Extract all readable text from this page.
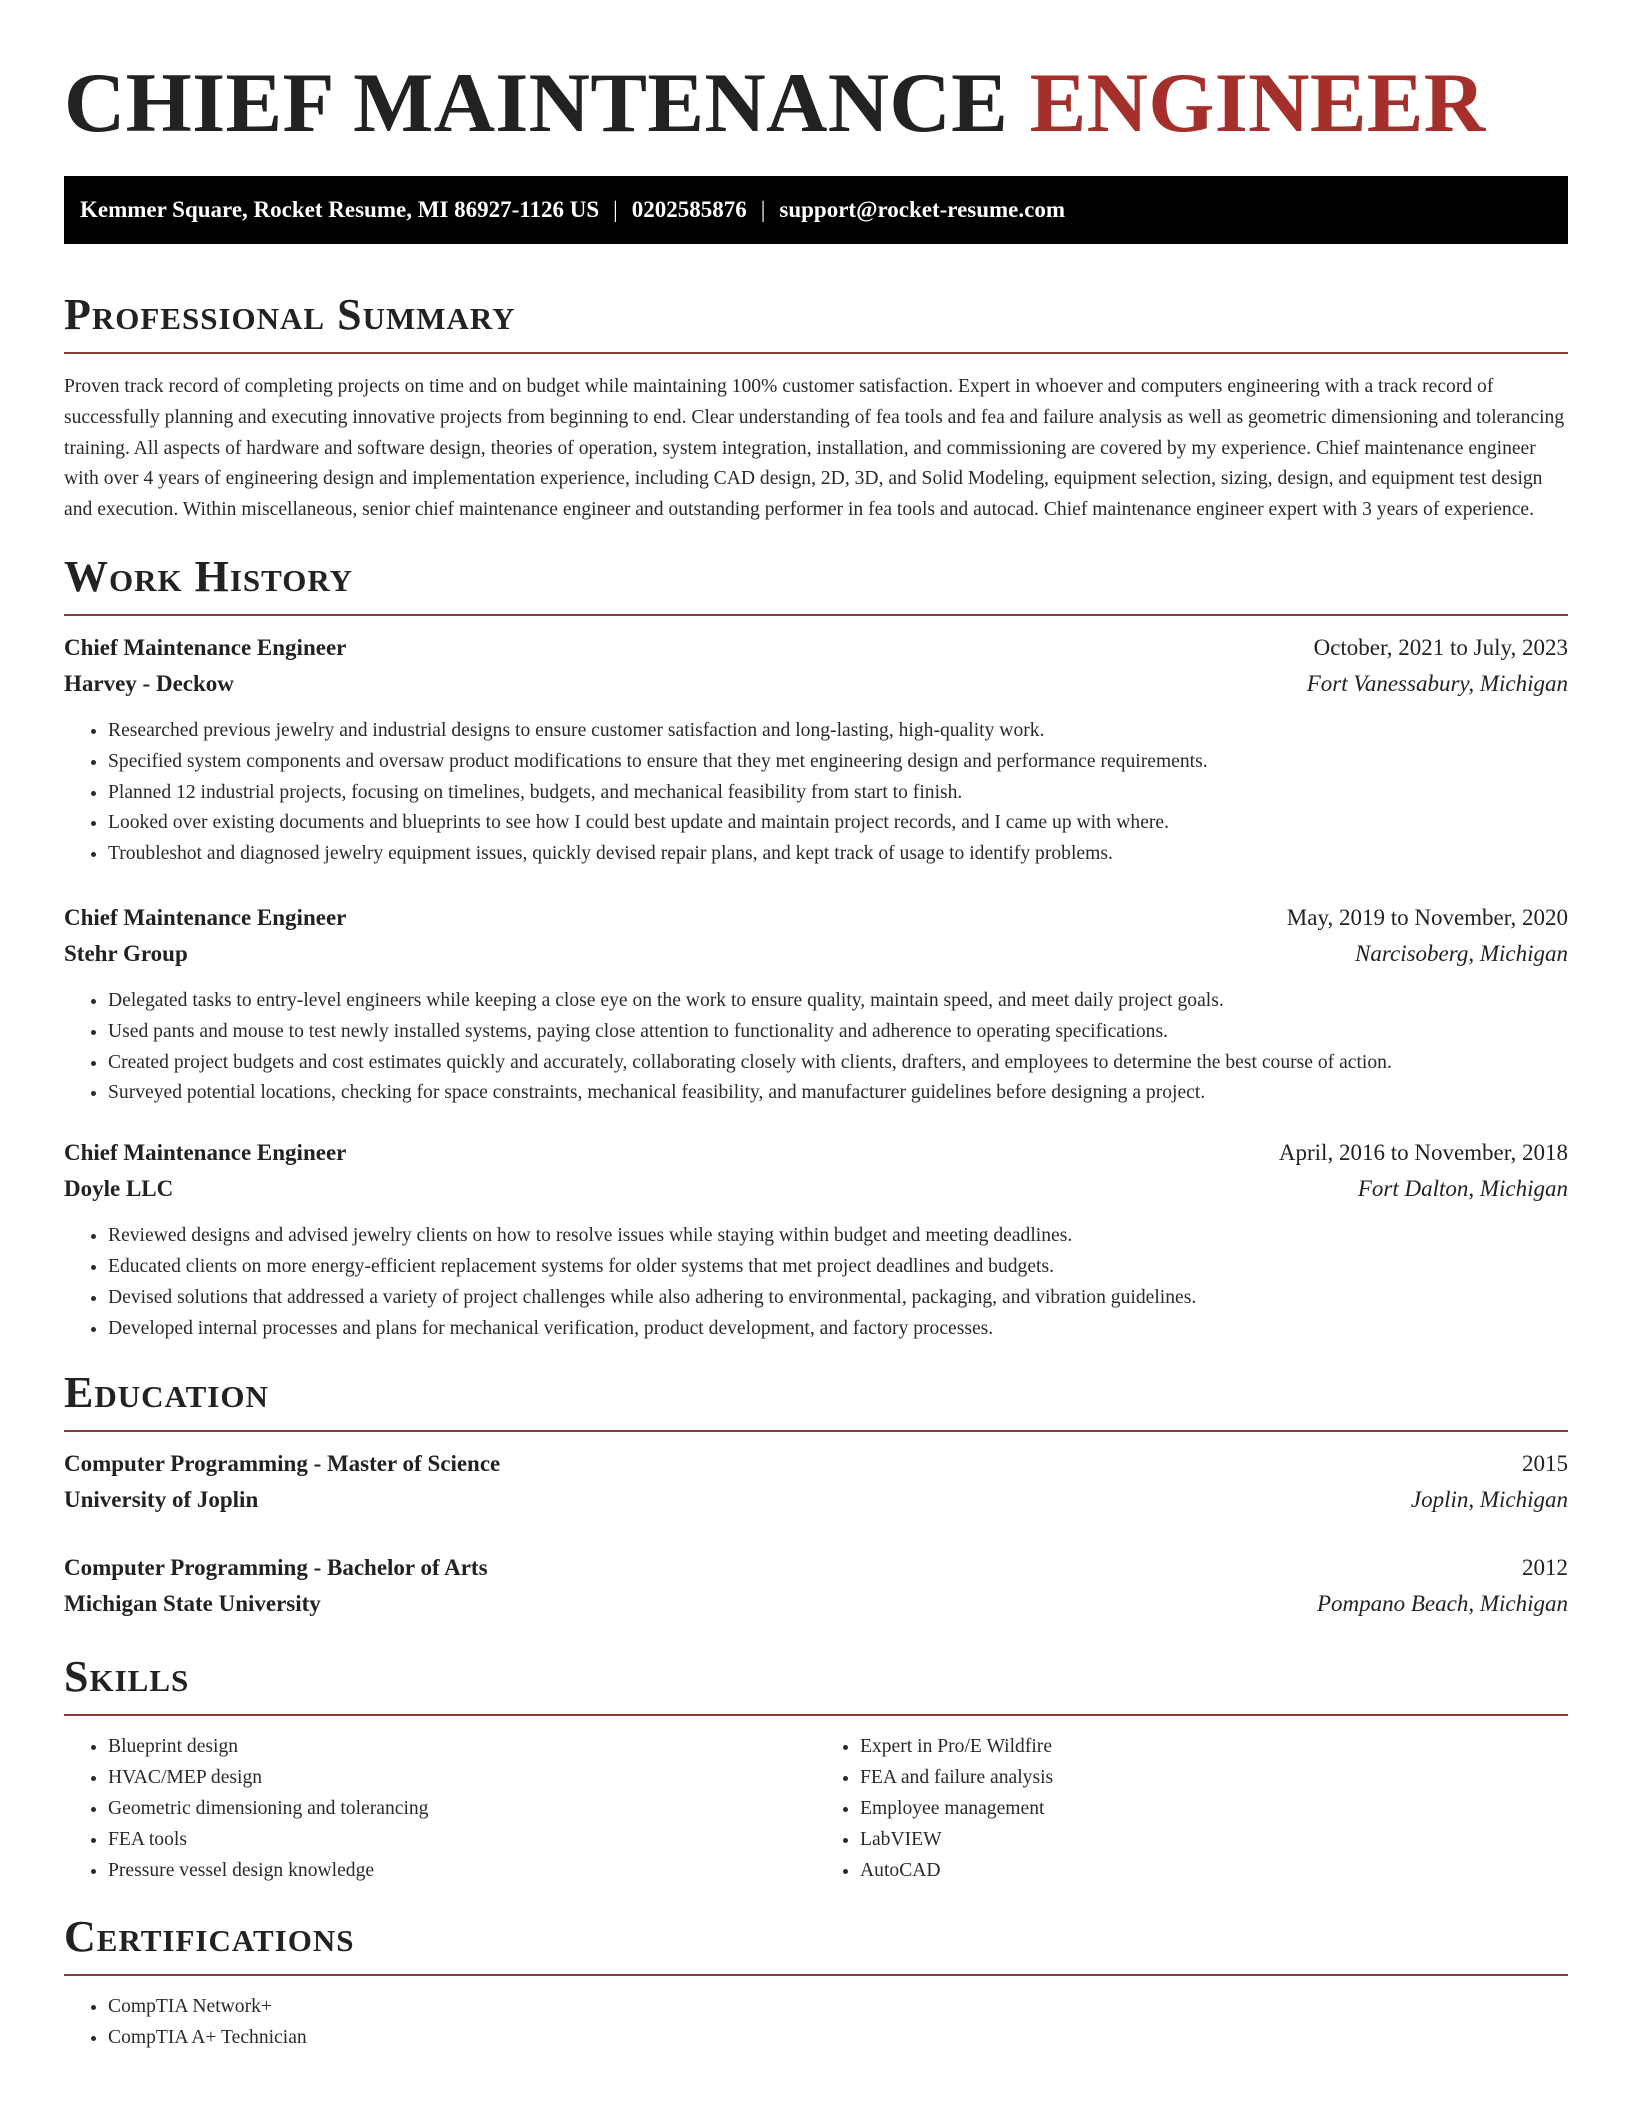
CHIEF MAINTENANCE ENGINEER
Kemmer Square, Rocket Resume, MI 86927-1126 US | 0202585876 | support@rocket-resume.com
Professional Summary

Proven track record of completing projects on time and on budget while maintaining 100% customer satisfaction. Expert in whoever and computers engineering with a track record of successfully planning and executing innovative projects from beginning to end. Clear understanding of fea tools and fea and failure analysis as well as geometric dimensioning and tolerancing training. All aspects of hardware and software design, theories of operation, system integration, installation, and commissioning are covered by my experience. Chief maintenance engineer with over 4 years of engineering design and implementation experience, including CAD design, 2D, 3D, and Solid Modeling, equipment selection, sizing, design, and equipment test design and execution. Within miscellaneous, senior chief maintenance engineer and outstanding performer in fea tools and autocad. Chief maintenance engineer expert with 3 years of experience.

Work History
Chief Maintenance Engineer	October, 2021 to July, 2023
Harvey - Deckow	Fort Vanessabury, Michigan
• Researched previous jewelry and industrial designs to ensure customer satisfaction and long-lasting, high-quality work.
• Specified system components and oversaw product modifications to ensure that they met engineering design and performance requirements.
• Planned 12 industrial projects, focusing on timelines, budgets, and mechanical feasibility from start to finish.
• Looked over existing documents and blueprints to see how I could best update and maintain project records, and I came up with where.
• Troubleshot and diagnosed jewelry equipment issues, quickly devised repair plans, and kept track of usage to identify problems.
Chief Maintenance Engineer	May, 2019 to November, 2020
Stehr Group	Narcisoberg, Michigan
• Delegated tasks to entry-level engineers while keeping a close eye on the work to ensure quality, maintain speed, and meet daily project goals.
• Used pants and mouse to test newly installed systems, paying close attention to functionality and adherence to operating specifications.
• Created project budgets and cost estimates quickly and accurately, collaborating closely with clients, drafters, and employees to determine the best course of action.
• Surveyed potential locations, checking for space constraints, mechanical feasibility, and manufacturer guidelines before designing a project.
Chief Maintenance Engineer	April, 2016 to November, 2018
Doyle LLC	Fort Dalton, Michigan
• Reviewed designs and advised jewelry clients on how to resolve issues while staying within budget and meeting deadlines.
• Educated clients on more energy-efficient replacement systems for older systems that met project deadlines and budgets.
• Devised solutions that addressed a variety of project challenges while also adhering to environmental, packaging, and vibration guidelines.
• Developed internal processes and plans for mechanical verification, product development, and factory processes.
Education
Computer Programming - Master of Science	2015
University of Joplin	Joplin, Michigan
Computer Programming - Bachelor of Arts	2012
Michigan State University	Pompano Beach, Michigan
Skills
• Blueprint design
• HVAC/MEP design
• Geometric dimensioning and tolerancing
• FEA tools
• Pressure vessel design knowledge
• Expert in Pro/E Wildfire
• FEA and failure analysis
• Employee management
• LabVIEW
• AutoCAD
Certifications
• CompTIA Network+
• CompTIA A+ Technician
